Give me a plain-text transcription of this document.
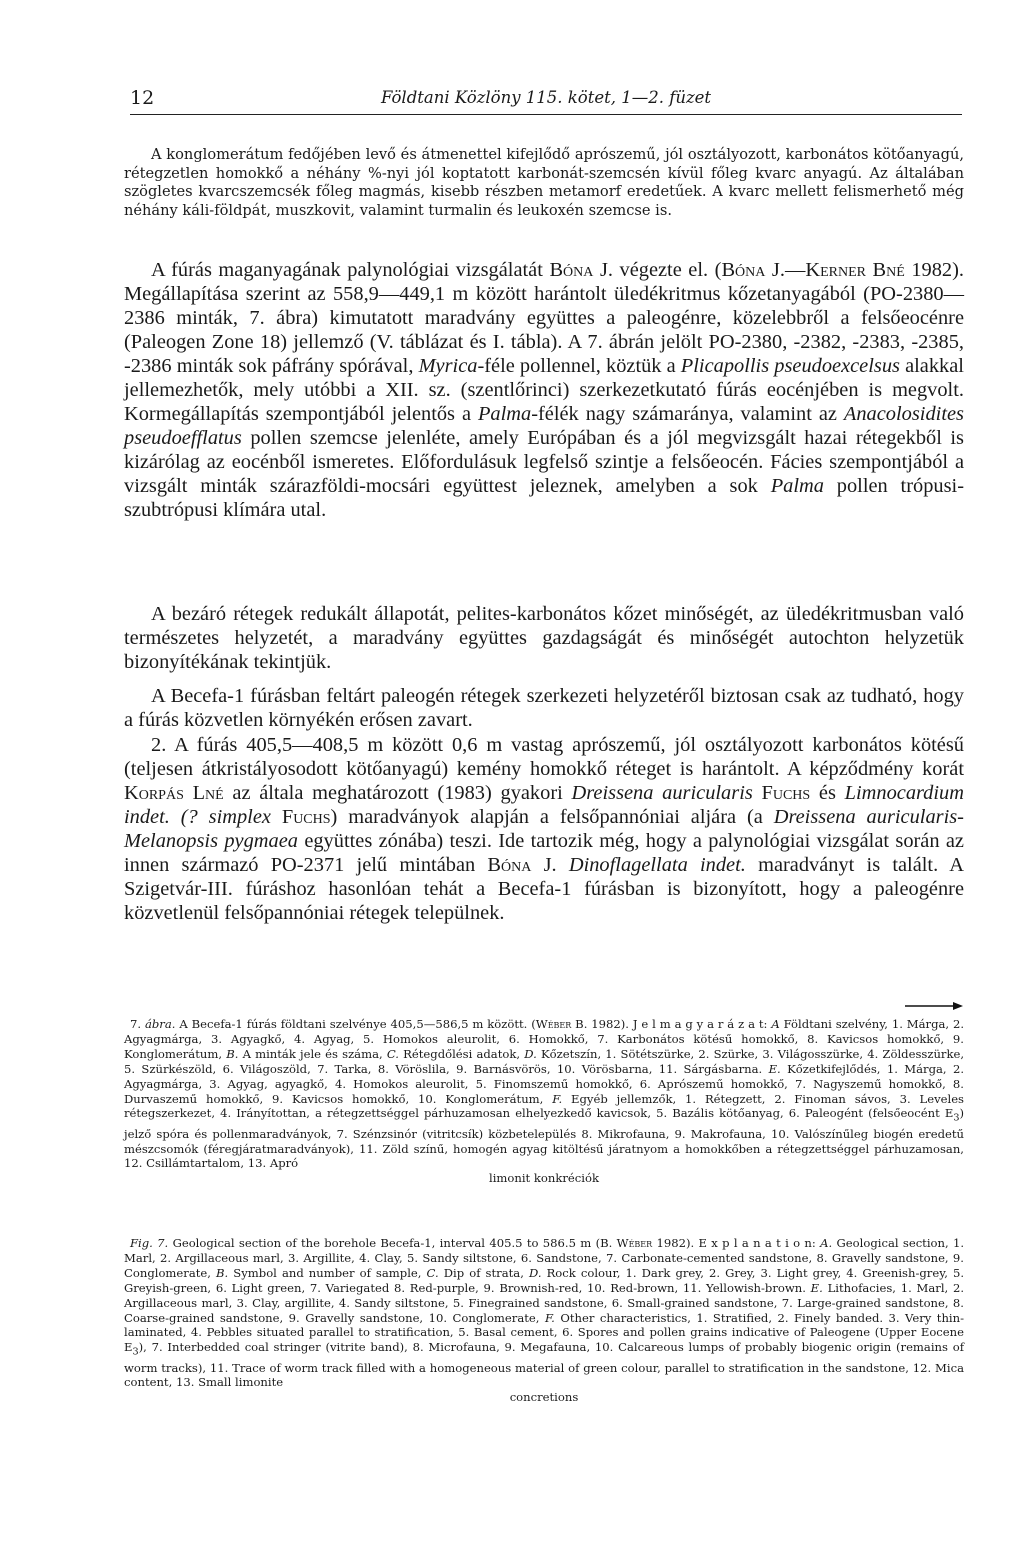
12	Földtani Közlöny 115. kötet, 1—2. füzet

A konglomerátum fedőjében levő és átmenettel kifejlődő aprószemű, jól osztályozott, karbonátos kötőanyagú, rétegzetlen homokkő a néhány %-nyi jól koptatott karbonát-szemcsén kívül főleg kvarc anyagú. Az általában szögletes kvarcszemcsék főleg magmás, kisebb részben metamorf eredetűek. A kvarc mellett felismerhető még néhány káli-földpát, muszkovit, valamint turmalin és leukoxén szemcse is.

A fúrás maganyagának palynológiai vizsgálatát Bóna J. végezte el. (Bóna J.—Kerner Bné 1982). Megállapítása szerint az 558,9—449,1 m között harántolt üledékritmus kőzetanyagából (PO-2380—2386 minták, 7. ábra) kimutatott maradvány együttes a paleogénre, közelebbről a felsőeocénre (Paleogen Zone 18) jellemző (V. táblázat és I. tábla). A 7. ábrán jelölt PO-2380, -2382, -2383, -2385, -2386 minták sok páfrány spórával, Myrica-féle pollennel, köztük a Plicapollis pseudoexcelsus alakkal jellemezhetők, mely utóbbi a XII. sz. (szentlőrinci) szerkezetkutató fúrás eocénjében is megvolt. Kormegállapítás szempontjából jelentős a Palma-félék nagy számaránya, valamint az Anacolosidites pseudoefflatus pollen szemcse jelenléte, amely Európában és a jól megvizsgált hazai rétegekből is kizárólag az eocénből ismeretes. Előfordulásuk legfelső szintje a felsőeocén. Fácies szempontjából a vizsgált minták szárazföldi-mocsári együttest jeleznek, amelyben a sok Palma pollen trópusi-szubtrópusi klímára utal.

A bezáró rétegek redukált állapotát, pelites-karbonátos kőzet minőségét, az üledékritmusban való természetes helyzetét, a maradvány együttes gazdagságát és minőségét autochton helyzetük bizonyítékának tekintjük.

A Becefa-1 fúrásban feltárt paleogén rétegek szerkezeti helyzetéről biztosan csak az tudható, hogy a fúrás közvetlen környékén erősen zavart.

2. A fúrás 405,5—408,5 m között 0,6 m vastag aprószemű, jól osztályozott karbonátos kötésű (teljesen átkristályosodott kötőanyagú) kemény homokkő réteget is harántolt. A képződmény korát Korpás Lné az általa meghatározott (1983) gyakori Dreissena auricularis Fuchs és Limnocardium indet. (? simplex Fuchs) maradványok alapján a felsőpannóniai aljára (a Dreissena auricularis-Melanopsis pygmaea együttes zónába) teszi. Ide tartozik még, hogy a palynológiai vizsgálat során az innen származó PO-2371 jelű mintában Bóna J. Dinoflagellata indet. maradványt is talált. A Szigetvár-III. fúráshoz hasonlóan tehát a Becefa-1 fúrásban is bizonyított, hogy a paleogénre közvetlenül felsőpannóniai rétegek települnek.

7. ábra. A Becefa-1 fúrás földtani szelvénye 405,5—586,5 m között. (Wéber B. 1982). J e l m a g y a r á z a t: A Földtani szelvény, 1. Márga, 2. Agyagmárga, 3. Agyagkő, 4. Agyag, 5. Homokos aleurolit, 6. Homokkő, 7. Karbonátos kötésű homokkő, 8. Kavicsos homokkő, 9. Konglomerátum, B. A minták jele és száma, C. Rétegdőlési adatok, D. Kőzetszín, 1. Sötétszürke, 2. Szürke, 3. Világosszürke, 4. Zöldesszürke, 5. Szürkészöld, 6. Világoszöld, 7. Tarka, 8. Vöröslila, 9. Barnásvörös, 10. Vörösbarna, 11. Sárgásbarna. E. Kőzetkifejlődés, 1. Márga, 2. Agyagmárga, 3. Agyag, agyagkő, 4. Homokos aleurolit, 5. Finomszemű homokkő, 6. Aprószemű homokkő, 7. Nagyszemű homokkő, 8. Durvaszemű homokkő, 9. Kavicsos homokkő, 10. Konglomerátum, F. Egyéb jellemzők, 1. Rétegzett, 2. Finoman sávos, 3. Leveles rétegszerkezet, 4. Irányítottan, a rétegzettséggel párhuzamosan elhelyezkedő kavicsok, 5. Bazális kötőanyag, 6. Paleogént (felsőeocént $E_3$) jelző spóra és pollenmaradványok, 7. Szénzsinór (vitritcsík) közbetelepülés 8. Mikrofauna, 9. Makrofauna, 10. Valószínűleg biogén eredetű mészcsomók (féregjáratmaradványok), 11. Zöld színű, homogén agyag kitöltésű járatnyom a homokkőben a rétegzettséggel párhuzamosan, 12. Csillámtartalom, 13. Apró
limonit konkréciók

Fig. 7. Geological section of the borehole Becefa-1, interval 405.5 to 586.5 m (B. Wéber 1982). E x p l a n a t i o n: A. Geological section, 1. Marl, 2. Argillaceous marl, 3. Argillite, 4. Clay, 5. Sandy siltstone, 6. Sandstone, 7. Carbonate-cemented sandstone, 8. Gravelly sandstone, 9. Conglomerate, B. Symbol and number of sample, C. Dip of strata, D. Rock colour, 1. Dark grey, 2. Grey, 3. Light grey, 4. Greenish-grey, 5. Greyish-green, 6. Light green, 7. Variegated 8. Red-purple, 9. Brownish-red, 10. Red-brown, 11. Yellowish-brown. E. Lithofacies, 1. Marl, 2. Argillaceous marl, 3. Clay, argillite, 4. Sandy siltstone, 5. Finegrained sandstone, 6. Small-grained sandstone, 7. Large-grained sandstone, 8. Coarse-grained sandstone, 9. Gravelly sandstone, 10. Conglomerate, F. Other characteristics, 1. Stratified, 2. Finely banded. 3. Very thin-laminated, 4. Pebbles situated parallel to stratification, 5. Basal cement, 6. Spores and pollen grains indicative of Paleogene (Upper Eocene $E_3$), 7. Interbedded coal stringer (vitrite band), 8. Microfauna, 9. Megafauna, 10. Calcareous lumps of probably biogenic origin (remains of worm tracks), 11. Trace of worm track filled with a homogeneous material of green colour, parallel to stratification in the sandstone, 12. Mica content, 13. Small limonite
concretions
